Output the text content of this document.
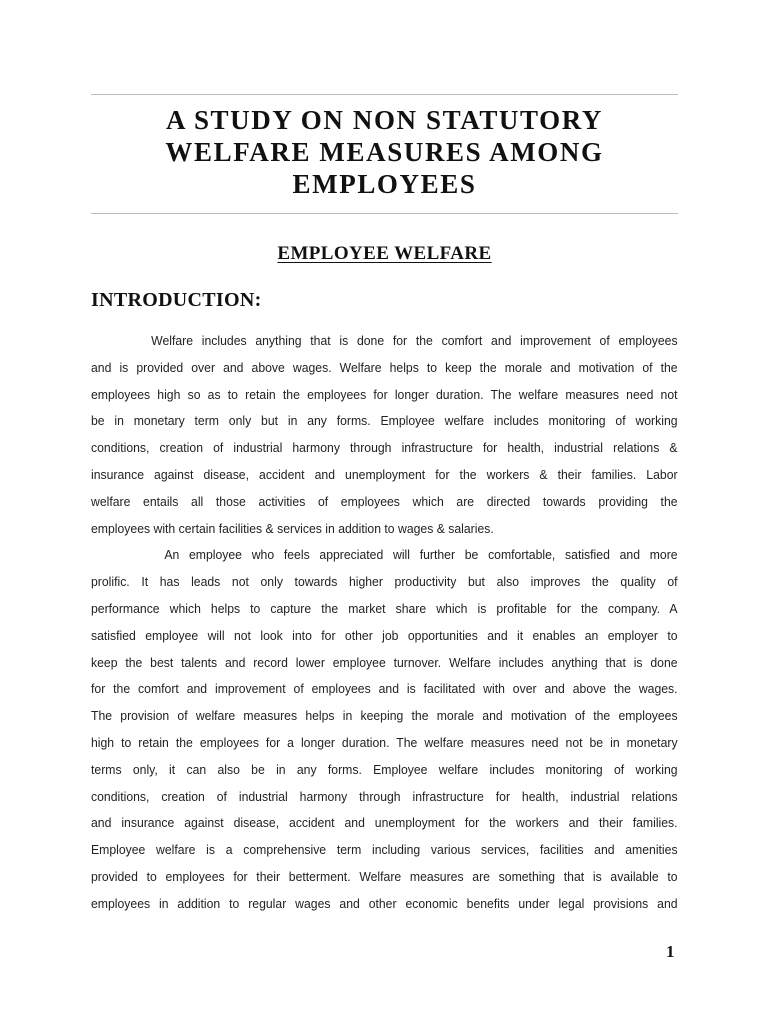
A STUDY ON NON STATUTORY
WELFARE MEASURES AMONG
EMPLOYEES
EMPLOYEE WELFARE
INTRODUCTION:
Welfare includes anything that is done for the comfort and improvement of employees
and is provided over and above wages. Welfare helps to keep the morale and motivation of the
employees high so as to retain the employees for longer duration. The welfare measures need not
be in monetary term only but in any forms. Employee welfare includes monitoring of working
conditions, creation of industrial harmony through infrastructure for health, industrial relations &
insurance against disease, accident and unemployment for the workers & their families. Labor
welfare entails all those activities of employees which are directed towards providing the
employees with certain facilities & services in addition to wages & salaries.
An employee who feels appreciated will further be comfortable, satisfied and more
prolific. It has leads not only towards higher productivity but also improves the quality of
performance which helps to capture the market share which is profitable for the company. A
satisfied employee will not look into for other job opportunities and it enables an employer to
keep the best talents and record lower employee turnover. Welfare includes anything that is done
for the comfort and improvement of employees and is facilitated with over and above the wages.
The provision of welfare measures helps in keeping the morale and motivation of the employees
high to retain the employees for a longer duration. The welfare measures need not be in monetary
terms only, it can also be in any forms. Employee welfare includes monitoring of working
conditions, creation of industrial harmony through infrastructure for health, industrial relations
and insurance against disease, accident and unemployment for the workers and their families.
Employee welfare is a comprehensive term including various services, facilities and amenities
provided to employees for their betterment. Welfare measures are something that is available to
employees in addition to regular wages and other economic benefits under legal provisions and
1
